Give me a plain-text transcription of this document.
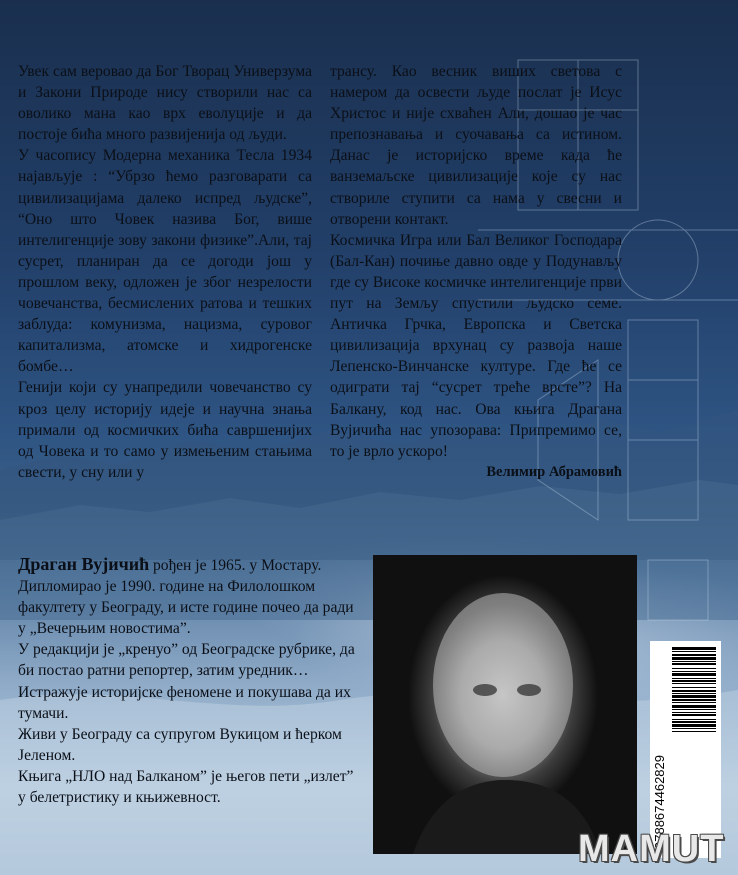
Увек сам веровао да Бог Творац Универзума и Закони Природе нису створили нас са оволико мана као врх еволуције и да постоје бића много развијенија од људи.

У часопису Модерна механика Тесла 1934 најављује : “Убрзо ћемо разговарати са цивилизацијама далеко испред људске”, “Оно што Човек назива Бог, више интелигенције зову закони физике”.Али, тај сусрет, планиран да се догоди још у прошлом веку, одложен је због незрелости човечанства, бесмислених ратова и тешких заблуда: комунизма, нацизма, суровог капитализма, атомске и хидрогенске бомбе…

Генији који су унапредили човечанство су кроз целу историју идеје и научна знања примали од космичких бића савршенијих од Човека и то само у измењеним стањима свести, у сну или у

трансу. Као весник виших светова с намером да освести људе послат је Исус Христос и није схваћен Али, дошао је час препознавања и суочавања са истином. Данас је историјско време када ће ванземаљске цивилизације које су нас створиле ступити са нама у свесни и отворени контакт.

Космичка Игра или Бал Великог Господара (Бал-Кан) почиње давно овде у Подунављу где су Високе космичке интелигенције први пут на Земљу спустили људско семе. Античка Грчка, Европска и Светска цивилизација врхунац су развоја наше Лепенско-Винчанске културе. Где ће се одиграти тај “сусрет треће врсте”? На Балкану, код нас. Ова књига Драгана Вујичића нас упозорава: Припремимо се, то је врло ускоро!

Велимир Абрамовић

Драган Вујичић рођен је 1965. у Мостару. Дипломирао је 1990. године на Филолошком факултету у Београду, и исте године почео да ради у „Вечерњим новостима”.

У редакцији је „кренуо” од Београдске рубрике, да би постао ратни репортер, затим уредник…

Истражује историјске феномене и покушава да их тумачи.

Живи у Београду са супругом Вукицом и ћерком Јеленом.

Књига „НЛО над Балканом” је његов пети „излет” у белетристику и књижевност.	9788674462829
MAMUT
